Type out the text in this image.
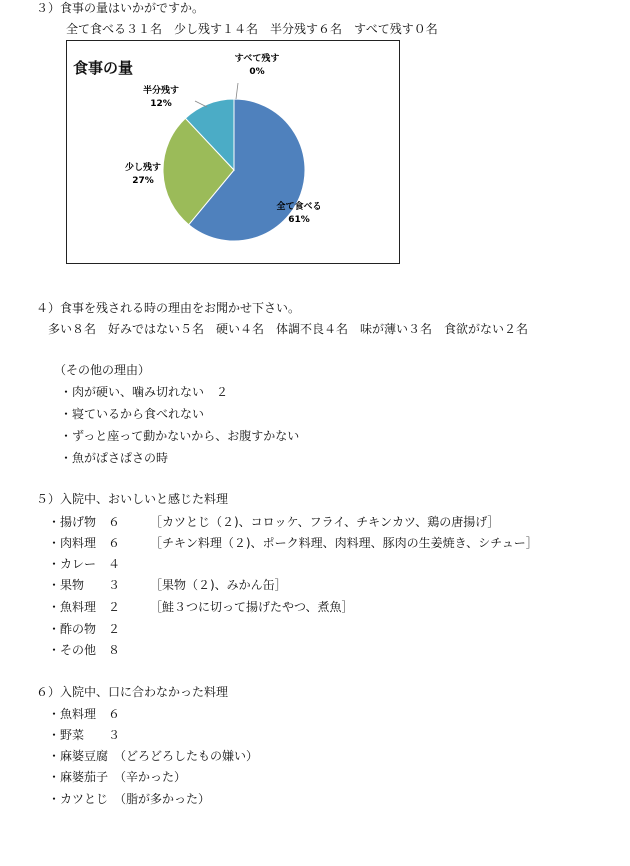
３）食事の量はいかがですか。
全て食べる３１名　少し残す１４名　半分残す６名　すべて残す０名
食事の量
全て食べる
61%
少し残す
27%
半分残す
12%
すべて残す
0%
４）食事を残される時の理由をお聞かせ下さい。
多い８名　好みではない５名　硬い４名　体調不良４名　味が薄い３名　食欲がない２名
（その他の理由）
・肉が硬い、噛み切れない　２
・寝ているから食べれない
・ずっと座って動かないから、お腹すかない
・魚がぱさぱさの時
５）入院中、おいしいと感じた料理
・揚げ物　６ ［カツとじ（２)、コロッケ、フライ、チキンカツ、鶏の唐揚げ］
・肉料理　６ ［チキン料理（２)、ポーク料理、肉料理、豚肉の生姜焼き、シチュー］
・カレー　４
・果物　　３ ［果物（２)、みかん缶］
・魚料理　２ ［鮭３つに切って揚げたやつ、煮魚］
・酢の物　２
・その他　８
６）入院中、口に合わなかった料理
・魚料理　６
・野菜　　３
・麻婆豆腐　（どろどろしたもの嫌い）
・麻婆茄子　（辛かった）
・カツとじ　（脂が多かった）
